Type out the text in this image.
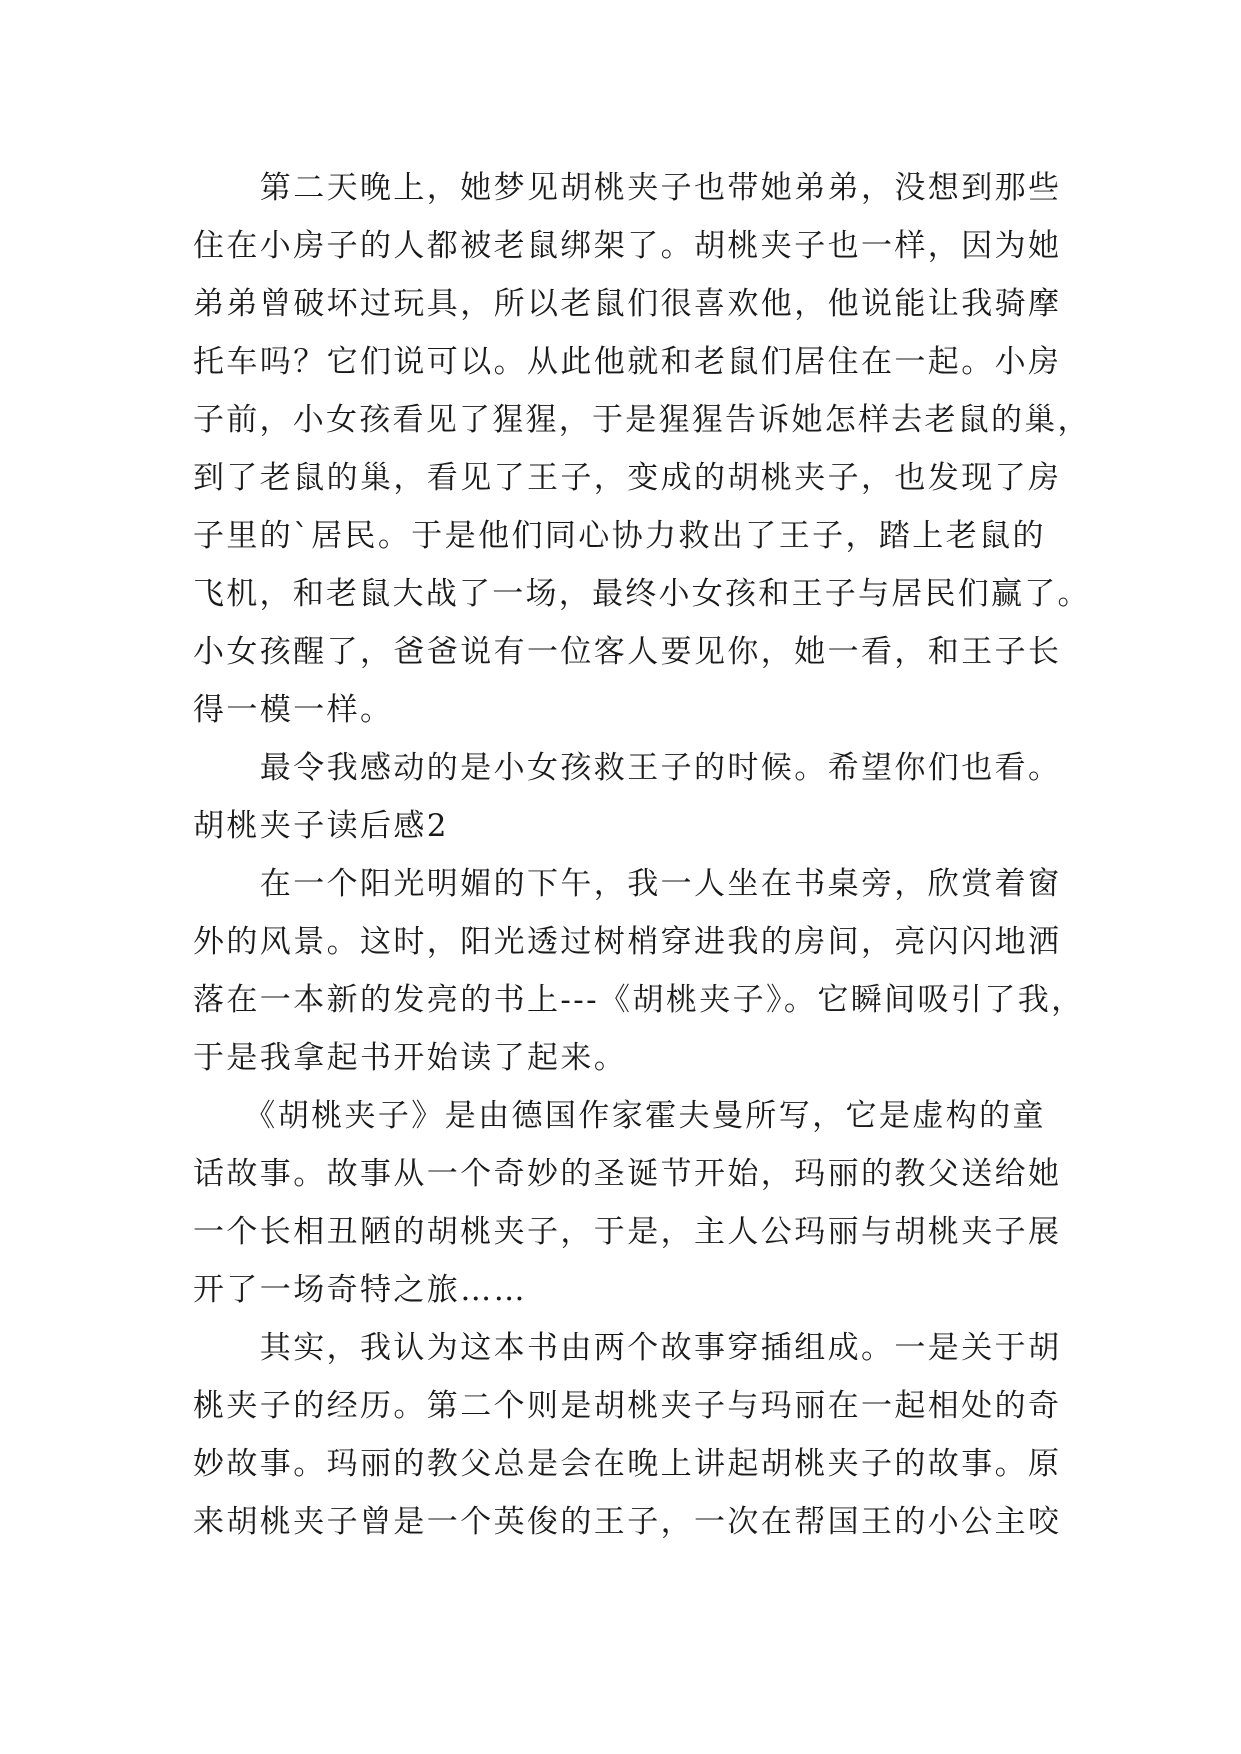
　　第二天晚上，她梦见胡桃夹子也带她弟弟，没想到那些
住在小房子的人都被老鼠绑架了。胡桃夹子也一样，因为她
弟弟曾破坏过玩具，所以老鼠们很喜欢他，他说能让我骑摩
托车吗？它们说可以。从此他就和老鼠们居住在一起。小房
子前，小女孩看见了猩猩，于是猩猩告诉她怎样去老鼠的巢，
到了老鼠的巢，看见了王子，变成的胡桃夹子，也发现了房
子里的`居民。于是他们同心协力救出了王子，踏上老鼠的
飞机，和老鼠大战了一场，最终小女孩和王子与居民们赢了。
小女孩醒了，爸爸说有一位客人要见你，她一看，和王子长
得一模一样。
　　最令我感动的是小女孩救王子的时候。希望你们也看。
胡桃夹子读后感2
　　在一个阳光明媚的下午，我一人坐在书桌旁，欣赏着窗
外的风景。这时，阳光透过树梢穿进我的房间，亮闪闪地洒
落在一本新的发亮的书上---《胡桃夹子》。它瞬间吸引了我，
于是我拿起书开始读了起来。
　　《胡桃夹子》是由德国作家霍夫曼所写，它是虚构的童
话故事。故事从一个奇妙的圣诞节开始，玛丽的教父送给她
一个长相丑陋的胡桃夹子，于是，主人公玛丽与胡桃夹子展
开了一场奇特之旅……
　　其实，我认为这本书由两个故事穿插组成。一是关于胡
桃夹子的经历。第二个则是胡桃夹子与玛丽在一起相处的奇
妙故事。玛丽的教父总是会在晚上讲起胡桃夹子的故事。原
来胡桃夹子曾是一个英俊的王子，一次在帮国王的小公主咬
